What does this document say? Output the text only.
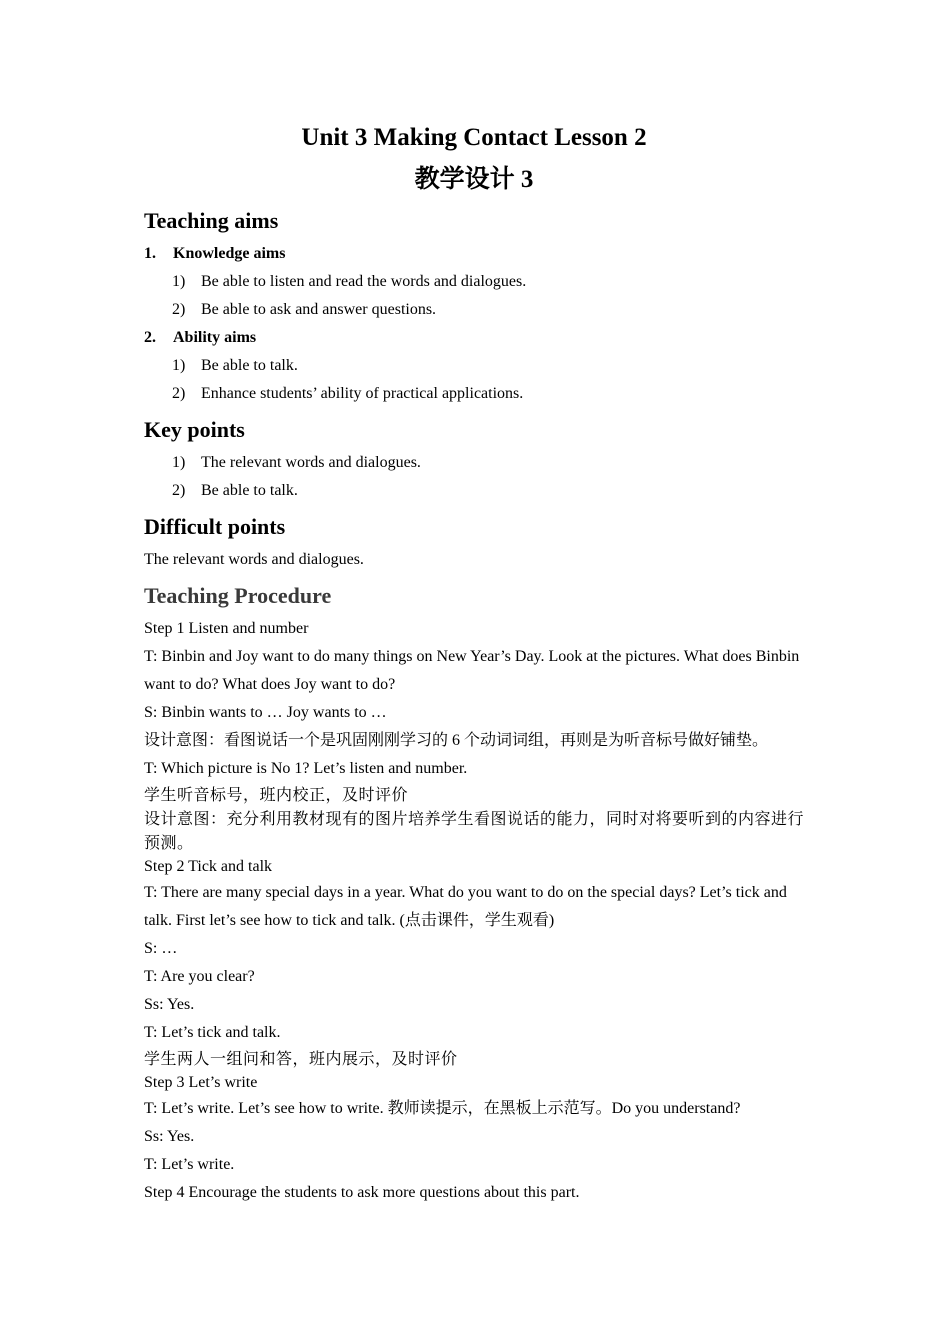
Unit 3 Making Contact Lesson 2
教学设计 3
Teaching aims
1. Knowledge aims
1) Be able to listen and read the words and dialogues.
2) Be able to ask and answer questions.
2. Ability aims
1) Be able to talk.
2) Enhance students’ ability of practical applications.
Key points
1) The relevant words and dialogues.
2) Be able to talk.
Difficult points
The relevant words and dialogues.
Teaching Procedure
Step 1 Listen and number
T: Binbin and Joy want to do many things on New Year’s Day. Look at the pictures. What does Binbin want to do? What does Joy want to do?
S: Binbin wants to … Joy wants to …
设计意图：看图说话一个是巩固刚刚学习的 6 个动词词组，再则是为听音标号做好铺垫。
T: Which picture is No 1? Let’s listen and number.
学生听音标号，班内校正，及时评价
设计意图：充分利用教材现有的图片培养学生看图说话的能力，同时对将要听到的内容进行预测。
Step 2 Tick and talk
T: There are many special days in a year. What do you want to do on the special days? Let’s tick and talk. First let’s see how to tick and talk. (点击课件，学生观看)
S: …
T: Are you clear?
Ss: Yes.
T: Let’s tick and talk.
学生两人一组问和答，班内展示，及时评价
Step 3 Let’s write
T: Let’s write. Let’s see how to write. 教师读提示，在黑板上示范写。Do you understand?
Ss: Yes.
T: Let’s write.
Step 4 Encourage the students to ask more questions about this part.
